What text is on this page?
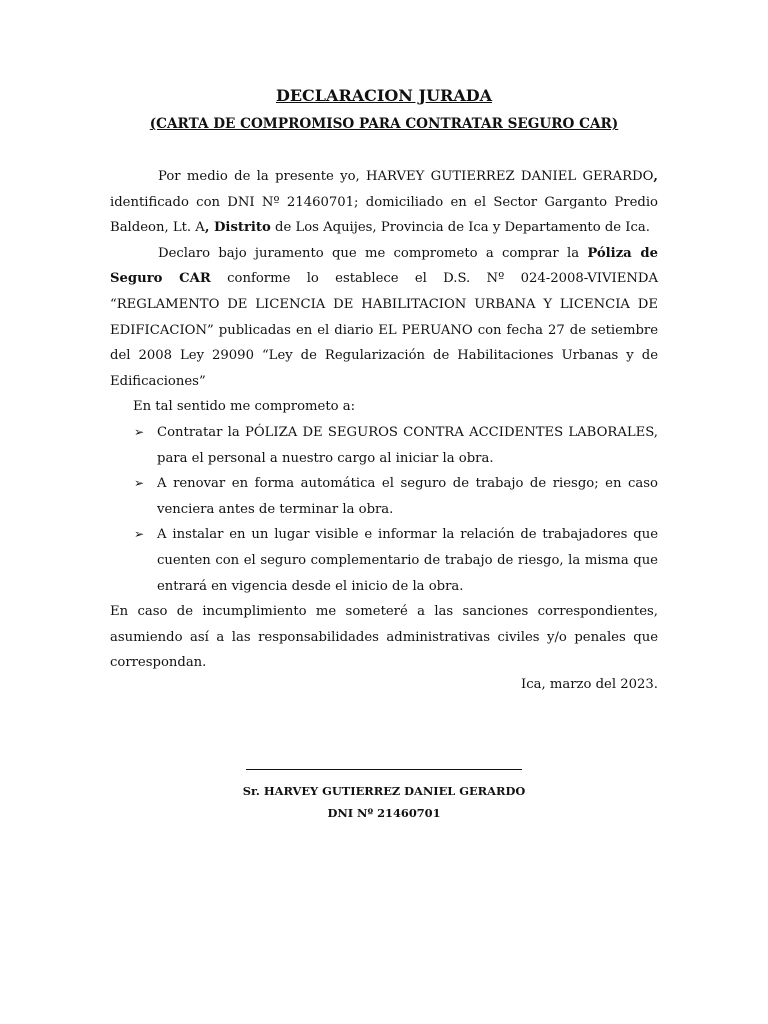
DECLARACION JURADA
(CARTA DE COMPROMISO PARA CONTRATAR SEGURO CAR)

Por medio de la presente yo, HARVEY GUTIERREZ DANIEL GERARDO, identificado con DNI Nº 21460701; domiciliado en el Sector Garganto Predio Baldeon, Lt. A, Distrito de Los Aquijes, Provincia de Ica y Departamento de Ica.

Declaro bajo juramento que me comprometo a comprar la Póliza de Seguro CAR conforme lo establece el D.S. Nº 024-2008-VIVIENDA “REGLAMENTO DE LICENCIA DE HABILITACION URBANA Y LICENCIA DE EDIFICACION” publicadas en el diario EL PERUANO con fecha 27 de setiembre del 2008 Ley 29090 “Ley de Regularización de Habilitaciones Urbanas y de Edificaciones”

En tal sentido me comprometo a:

➢ Contratar la PÓLIZA DE SEGUROS CONTRA ACCIDENTES LABORALES, para el personal a nuestro cargo al iniciar la obra.
➢ A renovar en forma automática el seguro de trabajo de riesgo; en caso venciera antes de terminar la obra.
➢ A instalar en un lugar visible e informar la relación de trabajadores que cuenten con el seguro complementario de trabajo de riesgo, la misma que entrará en vigencia desde el inicio de la obra.

En caso de incumplimiento me someteré a las sanciones correspondientes, asumiendo así a las responsabilidades administrativas civiles y/o penales que correspondan.

Ica, marzo del 2023.

Sr. HARVEY GUTIERREZ DANIEL GERARDO
DNI Nº 21460701
